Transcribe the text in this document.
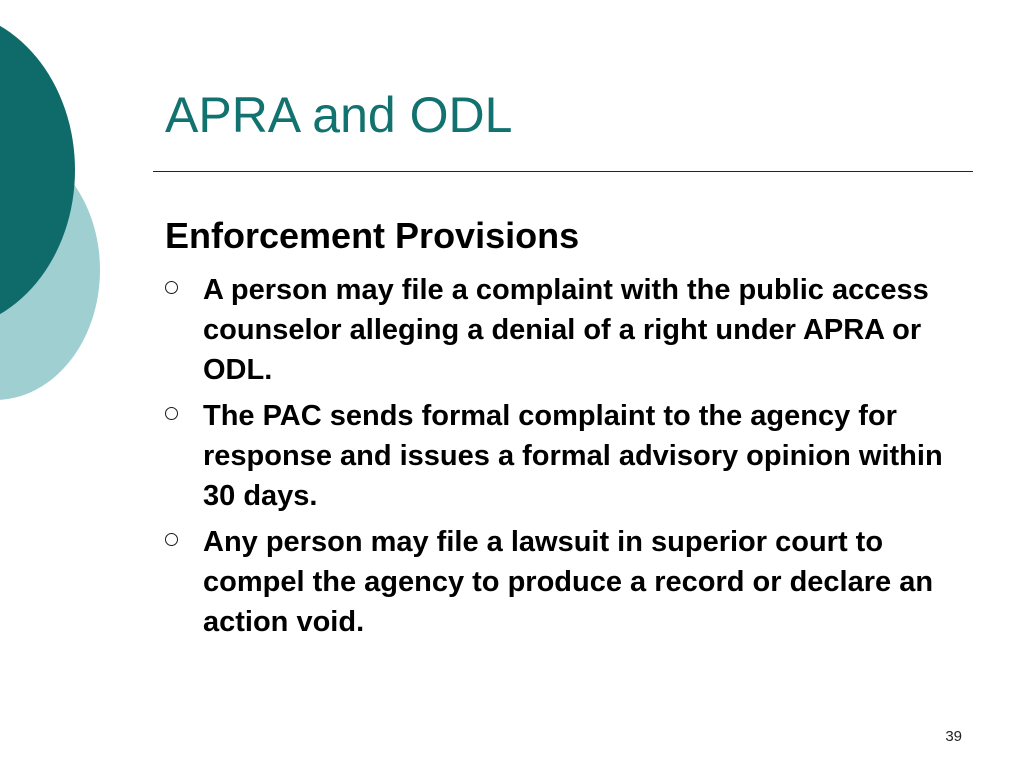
APRA and ODL

Enforcement Provisions

A person may file a complaint with the public access counselor alleging a denial of a right under APRA or ODL.
The PAC sends formal complaint to the agency for response and issues a formal advisory opinion within 30 days.
Any person may file a lawsuit in superior court to compel the agency to produce a record or declare an action void.
39
